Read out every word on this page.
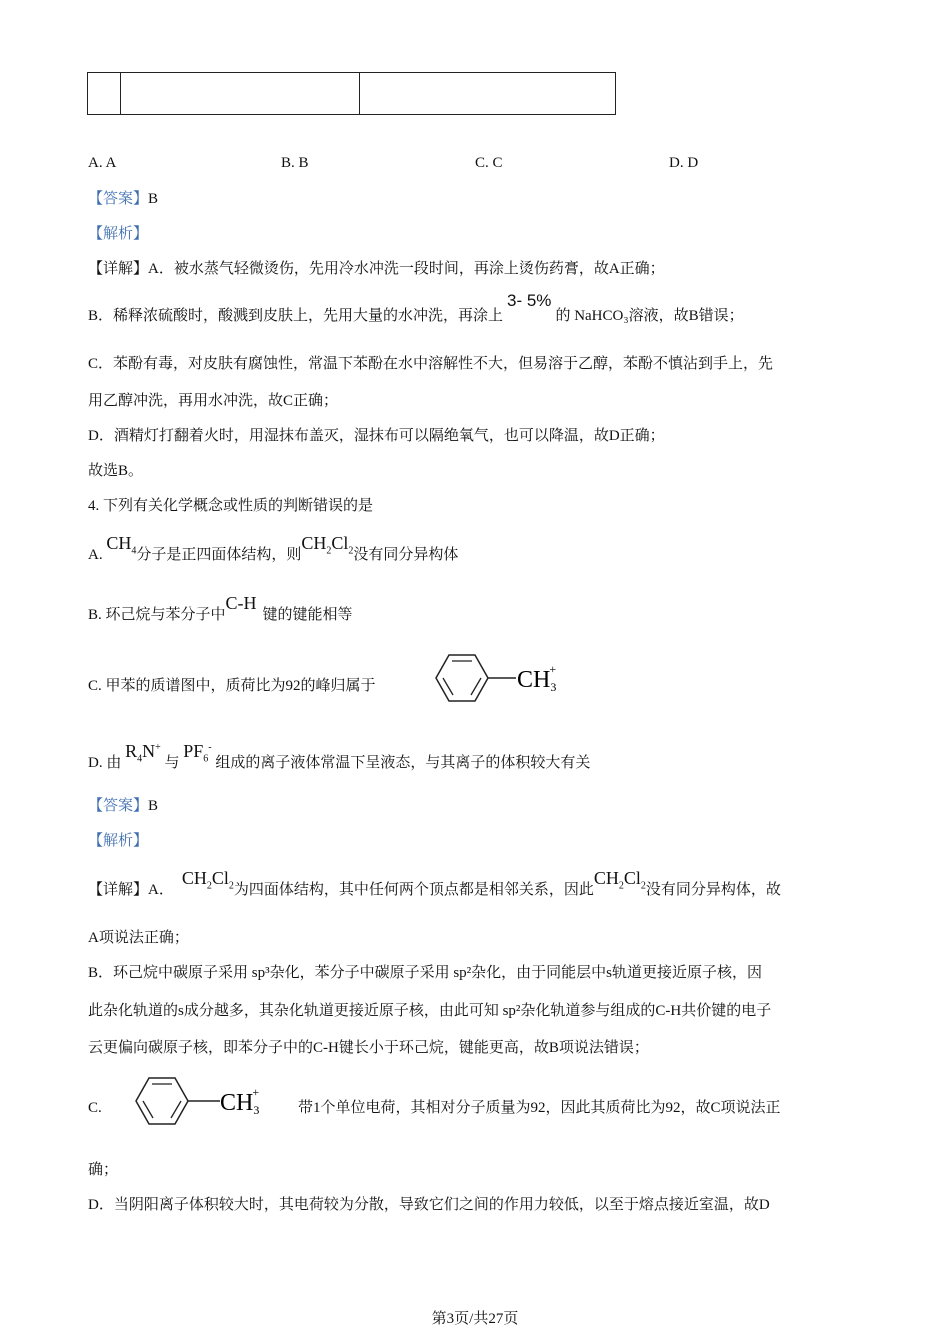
A. A	B. B	C. C	D. D
【答案】B
【解析】
【详解】A．被水蒸气轻微烫伤，先用冷水冲洗一段时间，再涂上烫伤药膏，故A正确；
B．稀释浓硫酸时，酸溅到皮肤上，先用大量的水冲洗，再涂上3- 5%的 NaHCO₃溶液，故B错误；
C．苯酚有毒，对皮肤有腐蚀性，常温下苯酚在水中溶解性不大，但易溶于乙醇，苯酚不慎沾到手上，先
用乙醇冲洗，再用水冲洗，故C正确；
D．酒精灯打翻着火时，用湿抹布盖灭，湿抹布可以隔绝氧气，也可以降温，故D正确；
故选B。
4. 下列有关化学概念或性质的判断错误的是
A. $CH_4$分子是正四面体结构，则$CH_2Cl_2$没有同分异构体
B. 环己烷与苯分子中C-H键的键能相等
C. 甲苯的质谱图中，质荷比为92的峰归属于	CH3+
D. 由 $R_4N^+$ 与 $PF_6^-$ 组成的离子液体常温下呈液态，与其离子的体积较大有关
【答案】B
【解析】
【详解】A．$CH_2Cl_2$为四面体结构，其中任何两个顶点都是相邻关系，因此$CH_2Cl_2$没有同分异构体，故
A项说法正确；
B．环己烷中碳原子采用 sp³杂化，苯分子中碳原子采用 sp²杂化，由于同能层中s轨道更接近原子核，因
此杂化轨道的s成分越多，其杂化轨道更接近原子核，由此可知 sp²杂化轨道参与组成的C-H共价键的电子
云更偏向碳原子核，即苯分子中的C-H键长小于环己烷，键能更高，故B项说法错误；
C.	CH3+
带1个单位电荷，其相对分子质量为92，因此其质荷比为92，故C项说法正
确；
D．当阴阳离子体积较大时，其电荷较为分散，导致它们之间的作用力较低，以至于熔点接近室温，故D
第3页/共27页
